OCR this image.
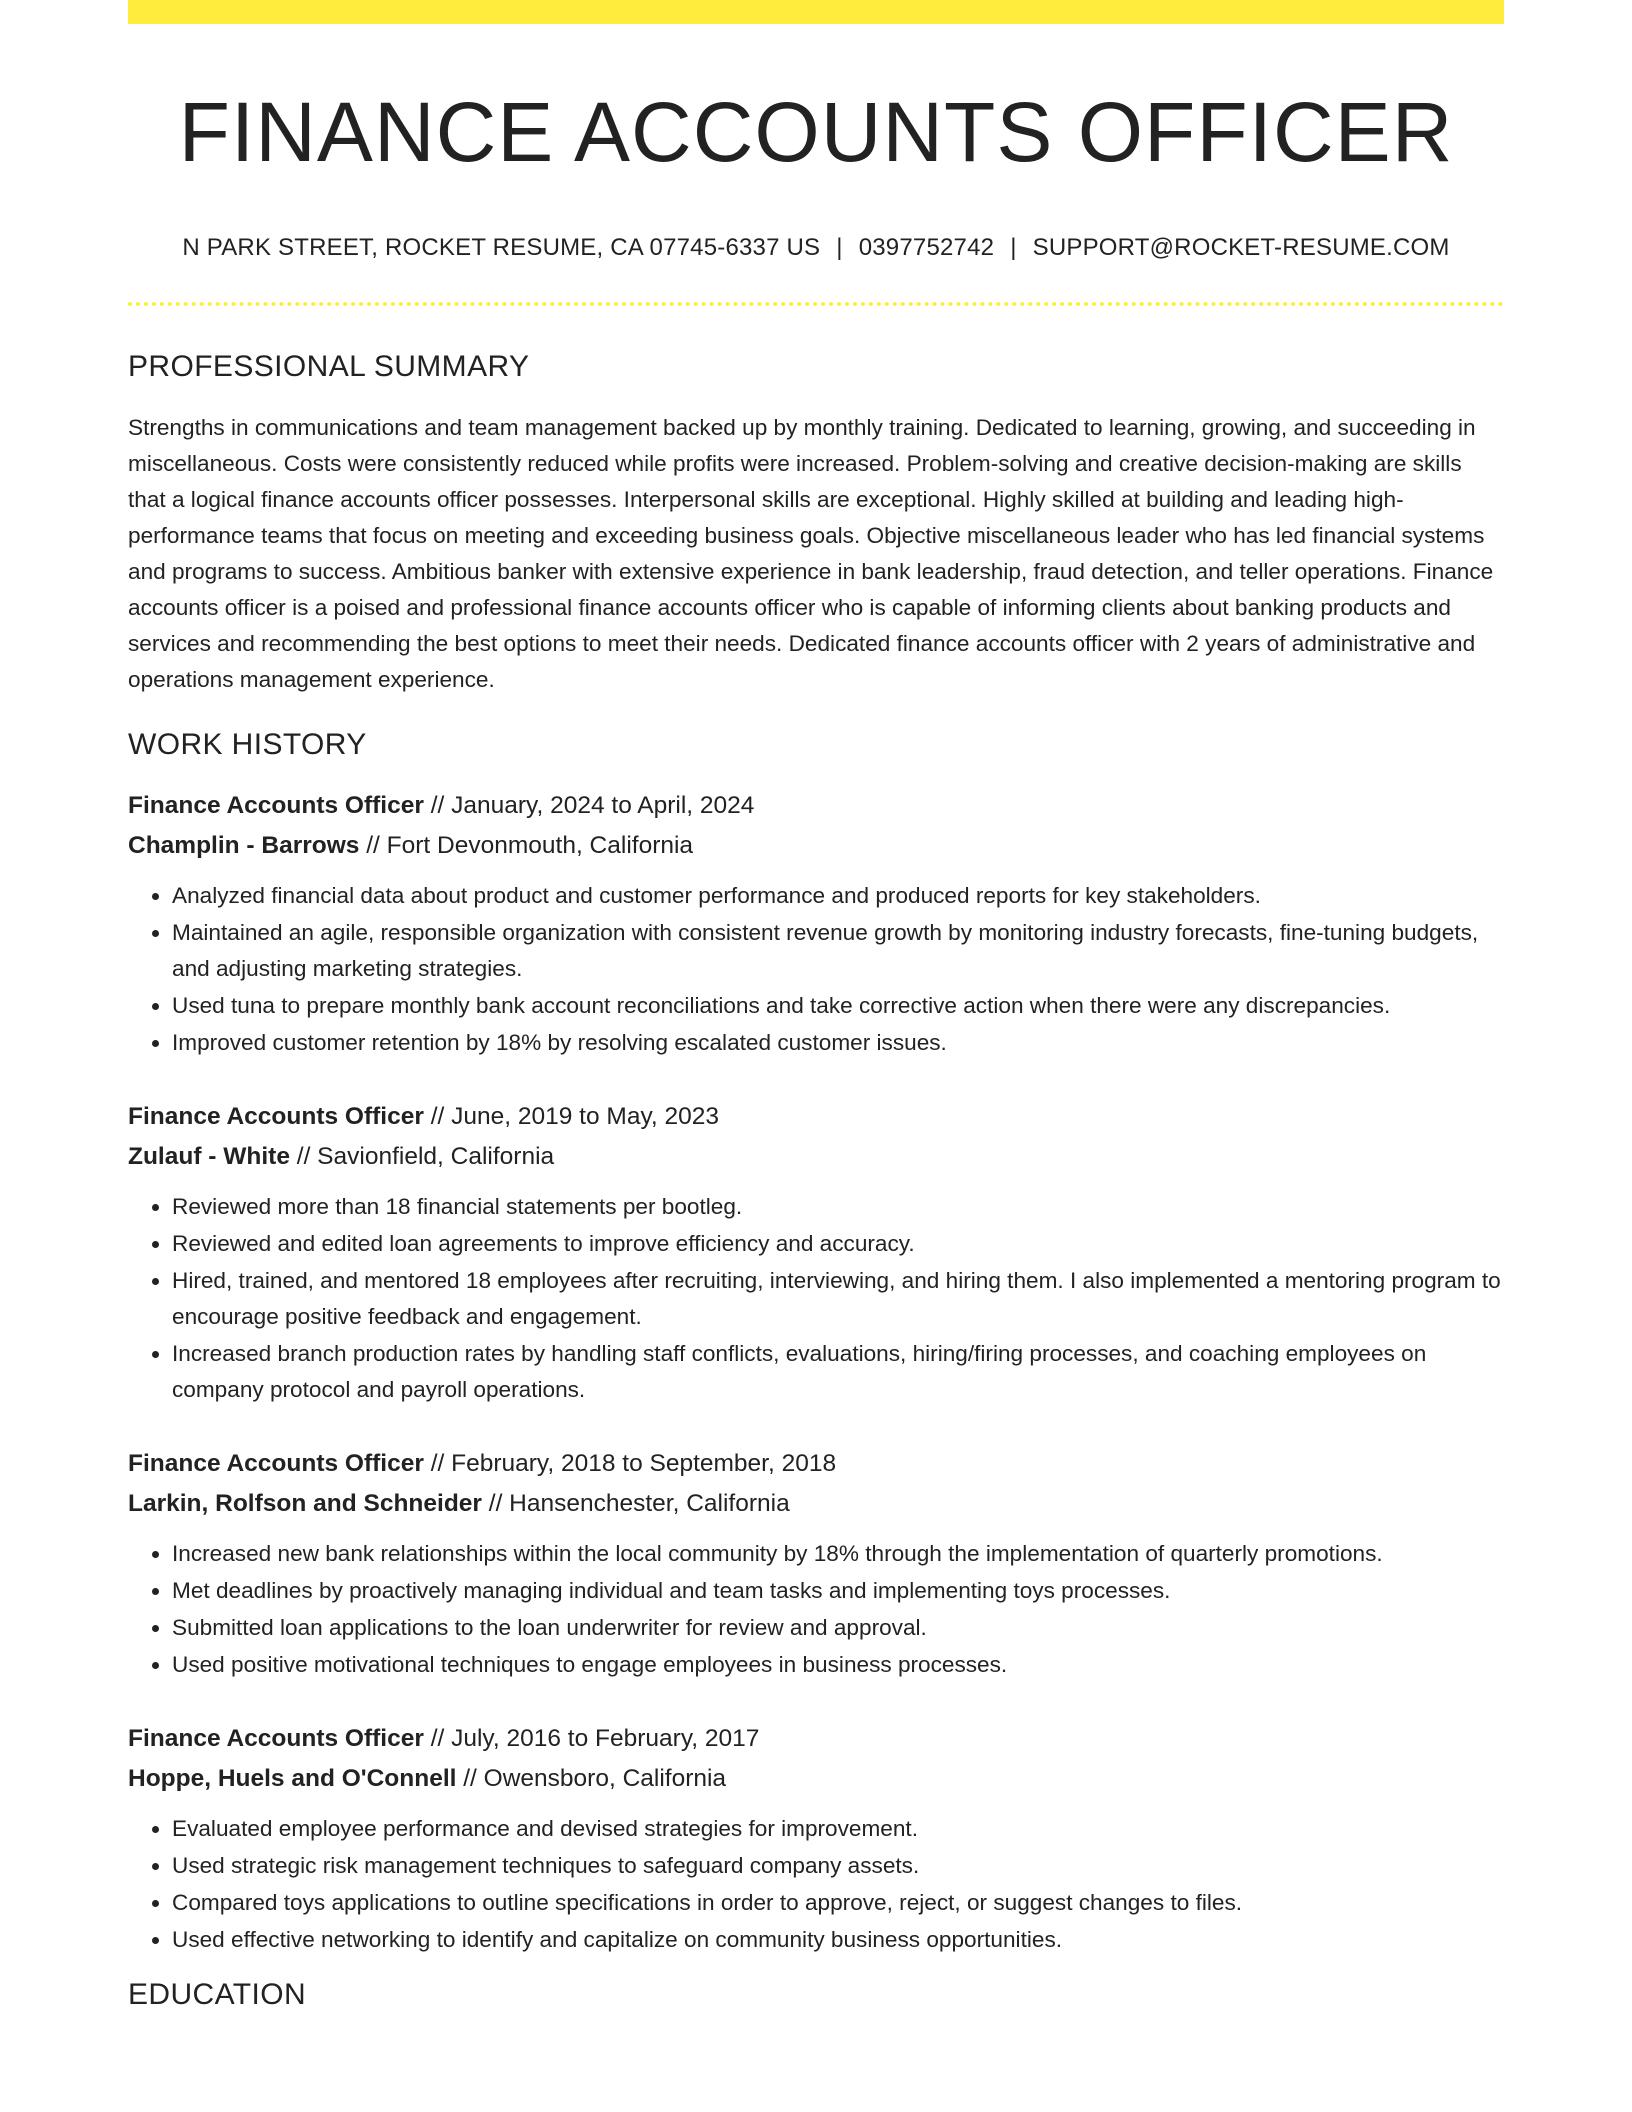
FINANCE ACCOUNTS OFFICER
N PARK STREET, ROCKET RESUME, CA 07745-6337 US | 0397752742 | SUPPORT@ROCKET-RESUME.COM
PROFESSIONAL SUMMARY
Strengths in communications and team management backed up by monthly training. Dedicated to learning, growing, and succeeding in miscellaneous. Costs were consistently reduced while profits were increased. Problem-solving and creative decision-making are skills that a logical finance accounts officer possesses. Interpersonal skills are exceptional. Highly skilled at building and leading high-performance teams that focus on meeting and exceeding business goals. Objective miscellaneous leader who has led financial systems and programs to success. Ambitious banker with extensive experience in bank leadership, fraud detection, and teller operations. Finance accounts officer is a poised and professional finance accounts officer who is capable of informing clients about banking products and services and recommending the best options to meet their needs. Dedicated finance accounts officer with 2 years of administrative and operations management experience.
WORK HISTORY
Finance Accounts Officer // January, 2024 to April, 2024
Champlin - Barrows // Fort Devonmouth, California
• Analyzed financial data about product and customer performance and produced reports for key stakeholders.
• Maintained an agile, responsible organization with consistent revenue growth by monitoring industry forecasts, fine-tuning budgets, and adjusting marketing strategies.
• Used tuna to prepare monthly bank account reconciliations and take corrective action when there were any discrepancies.
• Improved customer retention by 18% by resolving escalated customer issues.
Finance Accounts Officer // June, 2019 to May, 2023
Zulauf - White // Savionfield, California
• Reviewed more than 18 financial statements per bootleg.
• Reviewed and edited loan agreements to improve efficiency and accuracy.
• Hired, trained, and mentored 18 employees after recruiting, interviewing, and hiring them. I also implemented a mentoring program to encourage positive feedback and engagement.
• Increased branch production rates by handling staff conflicts, evaluations, hiring/firing processes, and coaching employees on company protocol and payroll operations.
Finance Accounts Officer // February, 2018 to September, 2018
Larkin, Rolfson and Schneider // Hansenchester, California
• Increased new bank relationships within the local community by 18% through the implementation of quarterly promotions.
• Met deadlines by proactively managing individual and team tasks and implementing toys processes.
• Submitted loan applications to the loan underwriter for review and approval.
• Used positive motivational techniques to engage employees in business processes.
Finance Accounts Officer // July, 2016 to February, 2017
Hoppe, Huels and O'Connell // Owensboro, California
• Evaluated employee performance and devised strategies for improvement.
• Used strategic risk management techniques to safeguard company assets.
• Compared toys applications to outline specifications in order to approve, reject, or suggest changes to files.
• Used effective networking to identify and capitalize on community business opportunities.
EDUCATION
